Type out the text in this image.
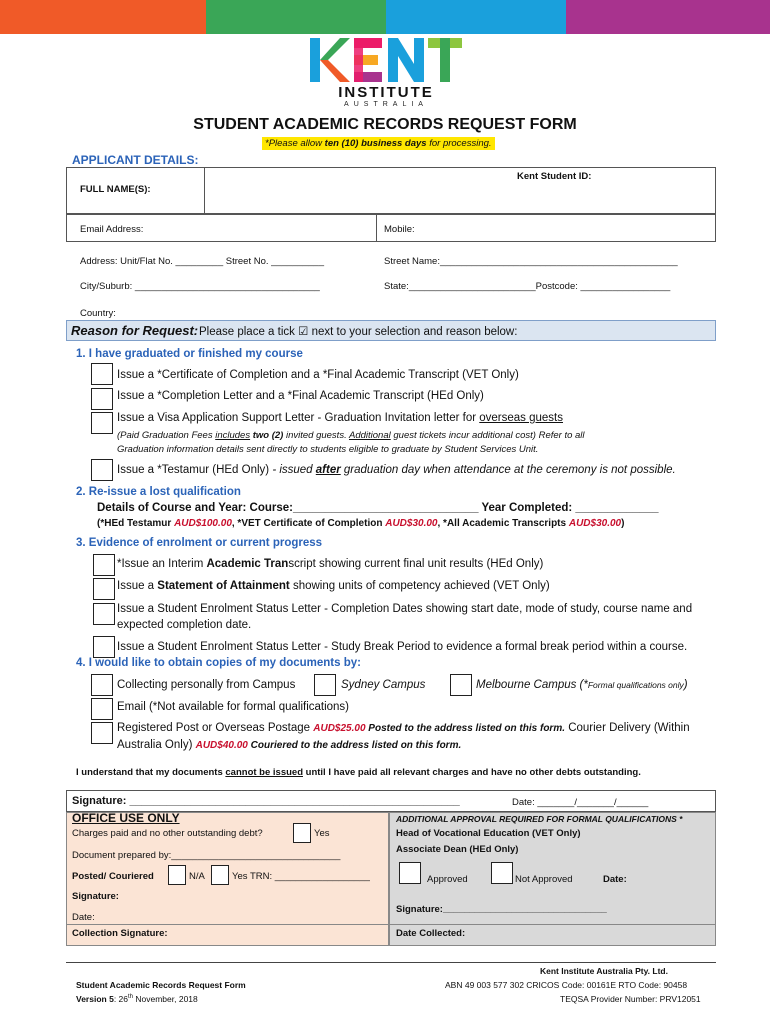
INSTITUTE
AUSTRALIA
STUDENT ACADEMIC RECORDS REQUEST FORM
*Please allow ten (10) business days for processing.
APPLICANT DETAILS:
Kent Student ID:
FULL NAME(S):
Email Address:	Mobile:
Address: Unit/Flat No. _________ Street No. __________	Street Name:_____________________________________________
City/Suburb: ___________________________________	State:________________________Postcode: _________________
Country:
Reason for Request: Please place a tick ☑ next to your selection and reason below:
1. I have graduated or finished my course
Issue a *Certificate of Completion and a *Final Academic Transcript (VET Only)
Issue a *Completion Letter and a *Final Academic Transcript (HEd Only)
Issue a Visa Application Support Letter - Graduation Invitation letter for overseas guests
(Paid Graduation Fees includes two (2) invited guests. Additional guest tickets incur additional cost) Refer to all
Graduation information details sent directly to students eligible to graduate by Student Services Unit.
Issue a *Testamur (HEd Only) - issued after graduation day when attendance at the ceremony is not possible.
2. Re-issue a lost qualification
Details of Course and Year: Course:_____________________________ Year Completed: _____________
(*HEd Testamur AUD$100.00, *VET Certificate of Completion AUD$30.00, *All Academic Transcripts AUD$30.00)
3. Evidence of enrolment or current progress
*Issue an Interim Academic Transcript showing current final unit results (HEd Only)
Issue a Statement of Attainment showing units of competency achieved (VET Only)
Issue a Student Enrolment Status Letter - Completion Dates showing start date, mode of study, course name and
expected completion date.
Issue a Student Enrolment Status Letter - Study Break Period to evidence a formal break period within a course.
4. I would like to obtain copies of my documents by:
Collecting personally from Campus	Sydney Campus	Melbourne Campus (*Formal qualifications only)
Email (*Not available for formal qualifications)
Registered Post or Overseas Postage AUD$25.00 Posted to the address listed on this form. Courier Delivery (Within
Australia Only) AUD$40.00 Couriered to the address listed on this form.
I understand that my documents cannot be issued until I have paid all relevant charges and have no other debts outstanding.
Signature: ______________________________________________________	Date: _______/_______/______
OFFICE USE ONLY
Charges paid and no other outstanding debt?	Yes
Document prepared by:________________________________
Posted/ Couriered	N/A	Yes TRN: __________________
Signature:
Date:
Collection Signature:
ADDITIONAL APPROVAL REQUIRED FOR FORMAL QUALIFICATIONS *
Head of Vocational Education (VET Only)
Associate Dean (HEd Only)
Approved	Not Approved	Date:
Signature:_______________________________
Date Collected:
Student Academic Records Request Form
Version 5: 26th November, 2018
Kent Institute Australia Pty. Ltd.
ABN 49 003 577 302 CRICOS Code: 00161E RTO Code: 90458
TEQSA Provider Number: PRV12051
